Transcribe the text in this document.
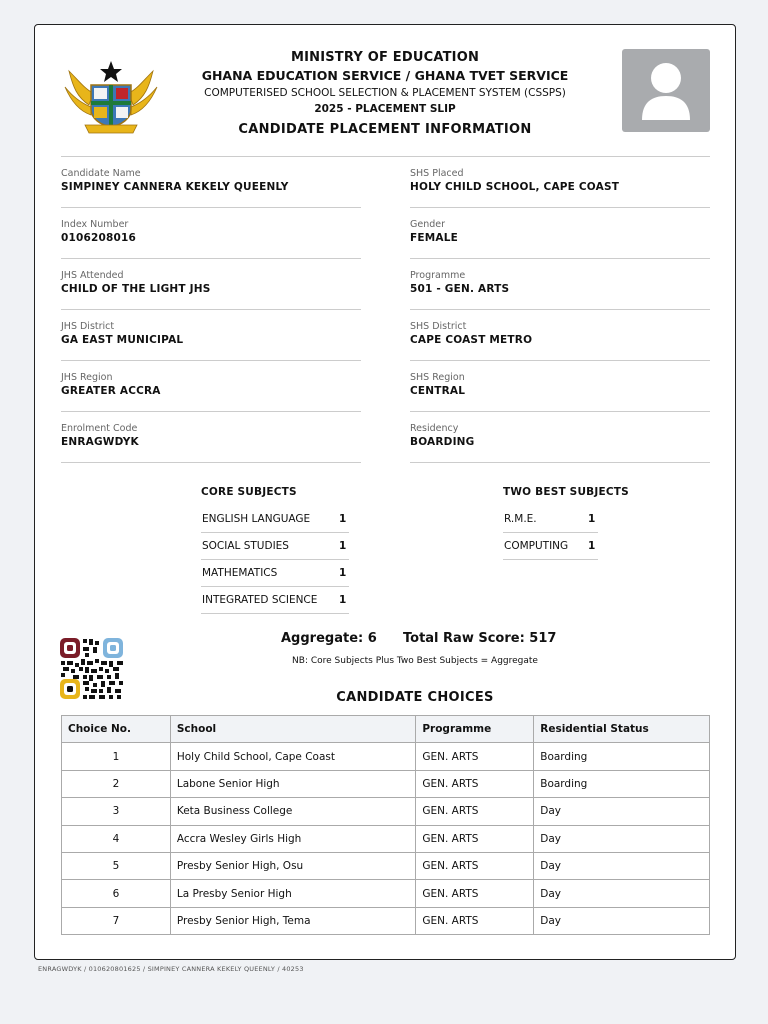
MINISTRY OF EDUCATION
GHANA EDUCATION SERVICE / GHANA TVET SERVICE
COMPUTERISED SCHOOL SELECTION & PLACEMENT SYSTEM (CSSPS)
2025 - PLACEMENT SLIP
CANDIDATE PLACEMENT INFORMATION
Candidate Name
SIMPINEY CANNERA KEKELY QUEENLY
Index Number
0106208016
JHS Attended
CHILD OF THE LIGHT JHS
JHS District
GA EAST MUNICIPAL
JHS Region
GREATER ACCRA
Enrolment Code
ENRAGWDYK
SHS Placed
HOLY CHILD SCHOOL, CAPE COAST
Gender
FEMALE
Programme
501 - GEN. ARTS
SHS District
CAPE COAST METRO
SHS Region
CENTRAL
Residency
BOARDING
CORE SUBJECTS
ENGLISH LANGUAGE	1
SOCIAL STUDIES	1
MATHEMATICS	1
INTEGRATED SCIENCE 1
TWO BEST SUBJECTS
R.M.E.	1
COMPUTING 1
Aggregate: 6 Total Raw Score: 517
NB: Core Subjects Plus Two Best Subjects = Aggregate
CANDIDATE CHOICES
Choice No.	School	Programme	Residential Status
1	Holy Child School, Cape Coast	GEN. ARTS	Boarding
2	Labone Senior High	GEN. ARTS	Boarding
3	Keta Business College	GEN. ARTS	Day
4	Accra Wesley Girls High	GEN. ARTS	Day
5	Presby Senior High, Osu	GEN. ARTS	Day
6	La Presby Senior High	GEN. ARTS	Day
7	Presby Senior High, Tema	GEN. ARTS	Day
ENRAGWDYK / 010620801625 / SIMPINEY CANNERA KEKELY QUEENLY / 40253
